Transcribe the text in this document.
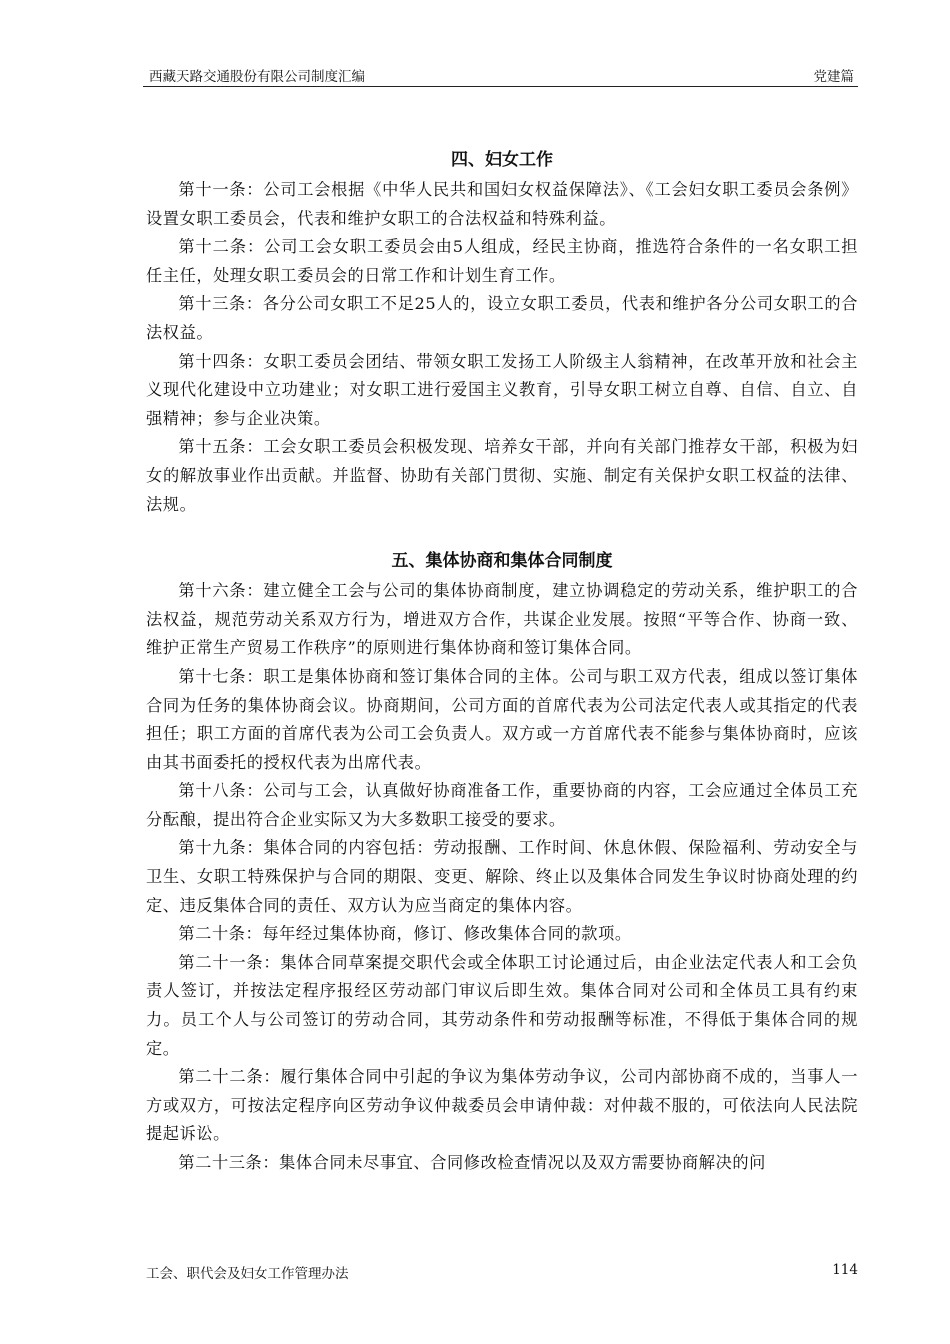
西藏天路交通股份有限公司制度汇编	党建篇
四、妇女工作

第十一条：公司工会根据《中华人民共和国妇女权益保障法》、《工会妇女职工委员会条例》设置女职工委员会，代表和维护女职工的合法权益和特殊利益。

第十二条：公司工会女职工委员会由5人组成，经民主协商，推选符合条件的一名女职工担任主任，处理女职工委员会的日常工作和计划生育工作。

第十三条：各分公司女职工不足25人的，设立女职工委员，代表和维护各分公司女职工的合法权益。

第十四条：女职工委员会团结、带领女职工发扬工人阶级主人翁精神，在改革开放和社会主义现代化建设中立功建业；对女职工进行爱国主义教育，引导女职工树立自尊、自信、自立、自强精神；参与企业决策。

第十五条：工会女职工委员会积极发现、培养女干部，并向有关部门推荐女干部，积极为妇女的解放事业作出贡献。并监督、协助有关部门贯彻、实施、制定有关保护女职工权益的法律、法规。

五、集体协商和集体合同制度

第十六条：建立健全工会与公司的集体协商制度，建立协调稳定的劳动关系，维护职工的合法权益，规范劳动关系双方行为，增进双方合作，共谋企业发展。按照“平等合作、协商一致、维护正常生产贸易工作秩序”的原则进行集体协商和签订集体合同。

第十七条：职工是集体协商和签订集体合同的主体。公司与职工双方代表，组成以签订集体合同为任务的集体协商会议。协商期间，公司方面的首席代表为公司法定代表人或其指定的代表担任；职工方面的首席代表为公司工会负责人。双方或一方首席代表不能参与集体协商时，应该由其书面委托的授权代表为出席代表。

第十八条：公司与工会，认真做好协商准备工作，重要协商的内容，工会应通过全体员工充分酝酿，提出符合企业实际又为大多数职工接受的要求。

第十九条：集体合同的内容包括：劳动报酬、工作时间、休息休假、保险福利、劳动安全与卫生、女职工特殊保护与合同的期限、变更、解除、终止以及集体合同发生争议时协商处理的约定、违反集体合同的责任、双方认为应当商定的集体内容。

第二十条：每年经过集体协商，修订、修改集体合同的款项。

第二十一条：集体合同草案提交职代会或全体职工讨论通过后，由企业法定代表人和工会负责人签订，并按法定程序报经区劳动部门审议后即生效。集体合同对公司和全体员工具有约束力。员工个人与公司签订的劳动合同，其劳动条件和劳动报酬等标准，不得低于集体合同的规定。

第二十二条：履行集体合同中引起的争议为集体劳动争议，公司内部协商不成的，当事人一方或双方，可按法定程序向区劳动争议仲裁委员会申请仲裁：对仲裁不服的，可依法向人民法院提起诉讼。

第二十三条：集体合同未尽事宜、合同修改检查情况以及双方需要协商解决的问

工会、职代会及妇女工作管理办法	114
